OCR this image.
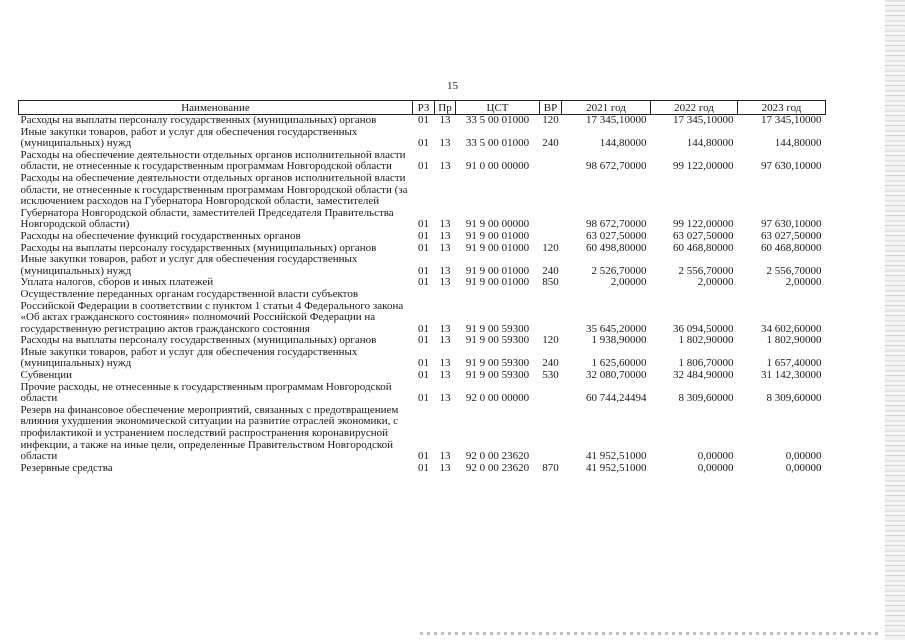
15
Наименование	РЗ	Пр	ЦСТ	ВР	2021 год	2022 год	2023 год
Расходы на выплаты персоналу государственных (муниципальных) органов	01	13	33 5 00 01000	120	17 345,10000	17 345,10000	17 345,10000
Иные закупки товаров, работ и услуг для обеспечения государственных (муниципальных) нужд	01	13	33 5 00 01000	240	144,80000	144,80000	144,80000
Расходы на обеспечение деятельности отдельных органов исполнительной власти области, не отнесенные к государственным программам Новгородской области	01	13	91 0 00 00000		98 672,70000	99 122,00000	97 630,10000
Расходы на обеспечение деятельности отдельных органов исполнительной власти области, не отнесенные к государственным программам Новгородской области (за исключением расходов на Губернатора Новгородской области, заместителей Губернатора Новгородской области, заместителей Председателя Правительства Новгородской области)	01	13	91 9 00 00000		98 672,70000	99 122,00000	97 630,10000
Расходы на обеспечение функций государственных органов	01	13	91 9 00 01000		63 027,50000	63 027,50000	63 027,50000
Расходы на выплаты персоналу государственных (муниципальных) органов	01	13	91 9 00 01000	120	60 498,80000	60 468,80000	60 468,80000
Иные закупки товаров, работ и услуг для обеспечения государственных (муниципальных) нужд	01	13	91 9 00 01000	240	2 526,70000	2 556,70000	2 556,70000
Уплата налогов, сборов и иных платежей	01	13	91 9 00 01000	850	2,00000	2,00000	2,00000
Осуществление переданных органам государственной власти субъектов Российской Федерации в соответствии с пунктом 1 статьи 4 Федерального закона «Об актах гражданского состояния» полномочий Российской Федерации на государственную регистрацию актов гражданского состояния	01	13	91 9 00 59300		35 645,20000	36 094,50000	34 602,60000
Расходы на выплаты персоналу государственных (муниципальных) органов	01	13	91 9 00 59300	120	1 938,90000	1 802,90000	1 802,90000
Иные закупки товаров, работ и услуг для обеспечения государственных (муниципальных) нужд	01	13	91 9 00 59300	240	1 625,60000	1 806,70000	1 657,40000
Субвенции	01	13	91 9 00 59300	530	32 080,70000	32 484,90000	31 142,30000
Прочие расходы, не отнесенные к государственным программам Новгородской области	01	13	92 0 00 00000		60 744,24494	8 309,60000	8 309,60000
Резерв на финансовое обеспечение мероприятий, связанных с предотвращением влияния ухудшения экономической ситуации на развитие отраслей экономики, с профилактикой и устранением последствий распространения коронавирусной инфекции, а также на иные цели, определенные Правительством Новгородской области	01	13	92 0 00 23620		41 952,51000	0,00000	0,00000
Резервные средства	01	13	92 0 00 23620	870	41 952,51000	0,00000	0,00000
